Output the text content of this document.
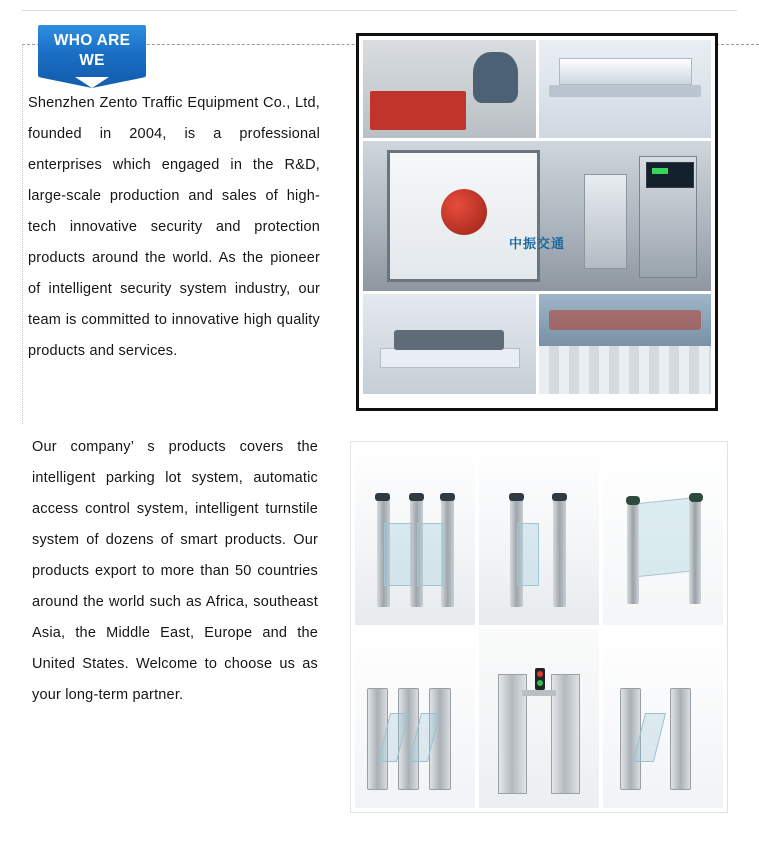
WHO ARE
WE
Shenzhen Zento Traffic Equipment Co., Ltd, founded in 2004, is a professional enterprises which engaged in the R&D, large-scale production and sales of high-tech innovative security and protection products around the world. As the pioneer of intelligent security system industry, our team is committed to innovative high quality products and services.
Our company’ s products covers the intelligent parking lot system, automatic access control system, intelligent turnstile system of dozens of smart products. Our products export to more than 50 countries around the world such as Africa, southeast Asia, the Middle East, Europe and the United States. Welcome to choose us as your long-term partner.
中振交通
